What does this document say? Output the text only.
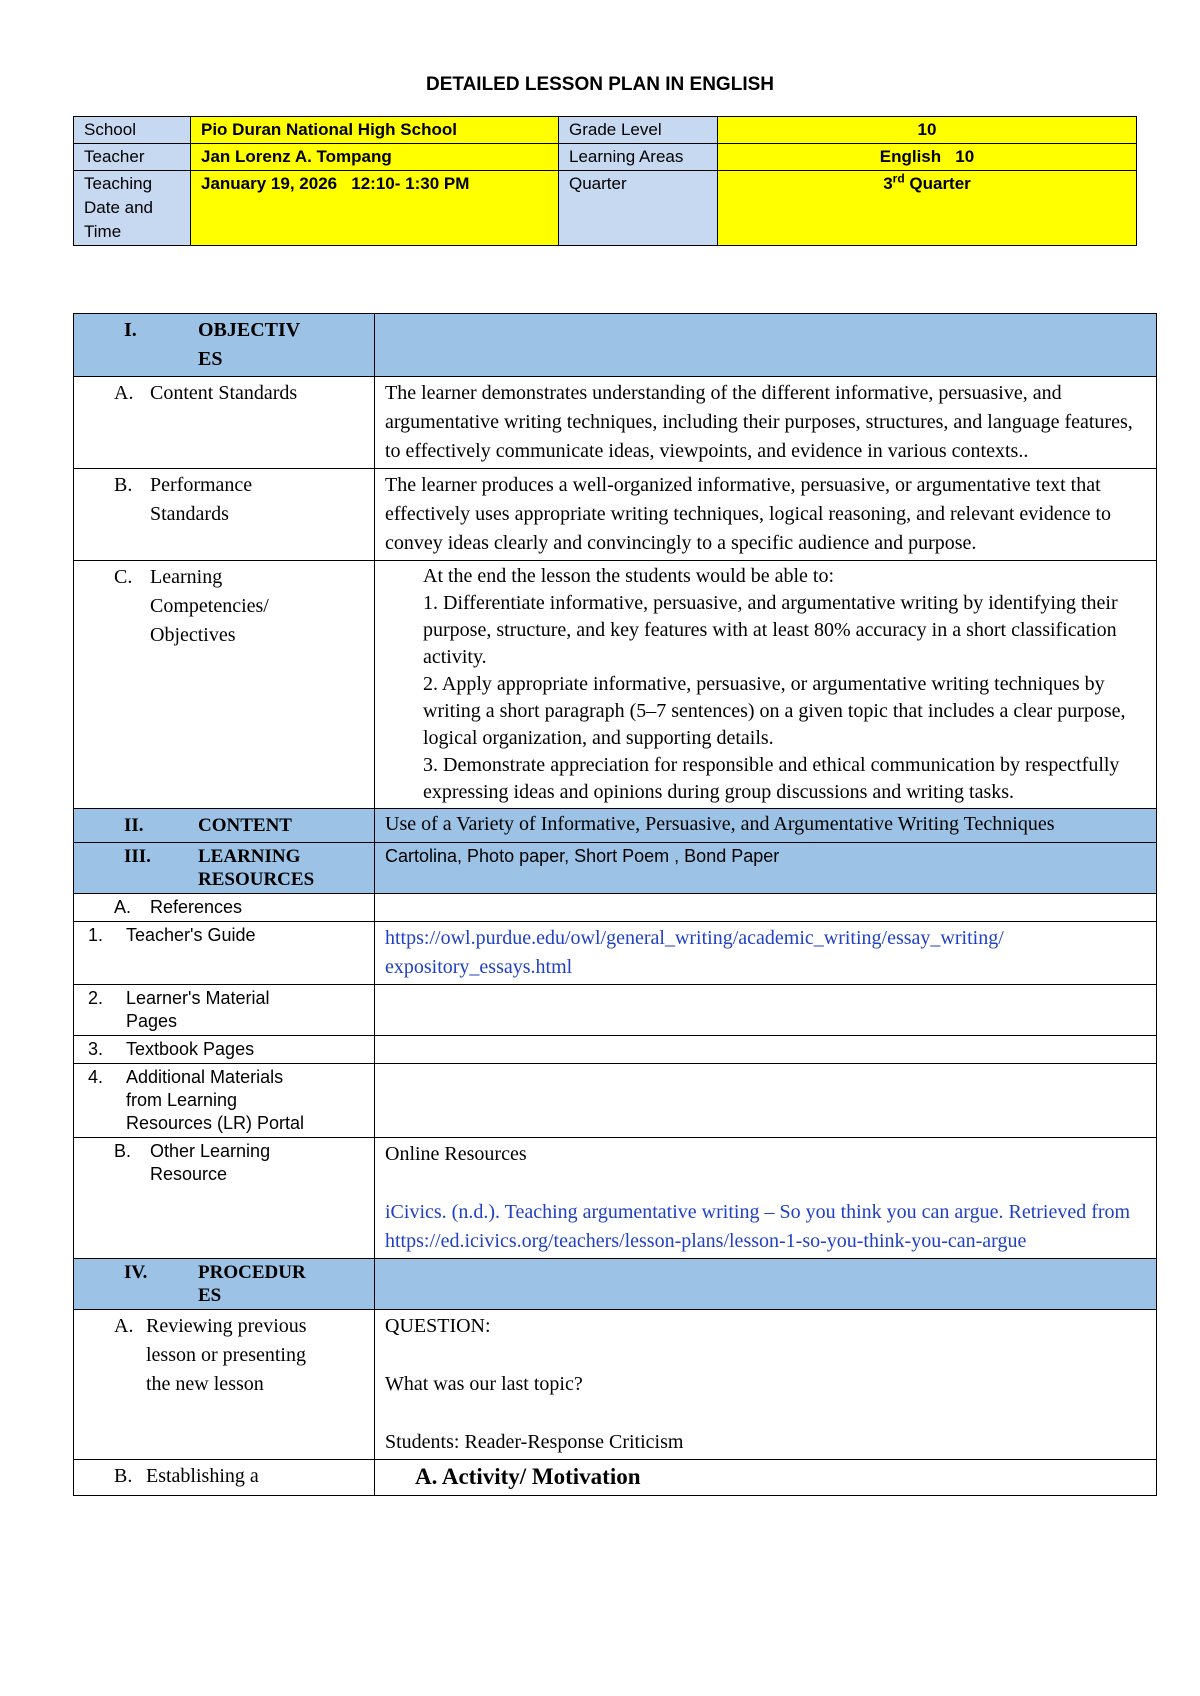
DETAILED LESSON PLAN IN ENGLISH
School	Pio Duran National High School	Grade Level	10
Teacher	Jan Lorenz A. Tompang	Learning Areas	English   10
Teaching Date and Time	January 19, 2026   12:10- 1:30 PM	Quarter	3rd Quarter
I. OBJECTIV ES	
A. Content Standards	The learner demonstrates understanding of the different informative, persuasive, and argumentative writing techniques, including their purposes, structures, and language features, to effectively communicate ideas, viewpoints, and evidence in various contexts..
B. Performance Standards	The learner produces a well-organized informative, persuasive, or argumentative text that effectively uses appropriate writing techniques, logical reasoning, and relevant evidence to convey ideas clearly and convincingly to a specific audience and purpose.
C. Learning Competencies/ Objectives	At the end the lesson the students would be able to:
1. Differentiate informative, persuasive, and argumentative writing by identifying their purpose, structure, and key features with at least 80% accuracy in a short classification activity.
2. Apply appropriate informative, persuasive, or argumentative writing techniques by writing a short paragraph (5–7 sentences) on a given topic that includes a clear purpose, logical organization, and supporting details.
3. Demonstrate appreciation for responsible and ethical communication by respectfully expressing ideas and opinions during group discussions and writing tasks.

II. CONTENT	Use of a Variety of Informative, Persuasive, and Argumentative Writing Techniques
III. LEARNING RESOURCES	Cartolina, Photo paper, Short Poem , Bond Paper
A. References	
1. Teacher's Guide	https://owl.purdue.edu/owl/general_writing/academic_writing/essay_writing/ expository_essays.html
2. Learner's Material Pages	
3. Textbook Pages	
4. Additional Materials from Learning Resources (LR) Portal	
B. Other Learning Resource	Online Resources
iCivics. (n.d.). Teaching argumentative writing – So you think you can argue. Retrieved from https://ed.icivics.org/teachers/lesson-plans/lesson-1-so-you-think-you-can-argue

IV. PROCEDUR ES	
A. Reviewing previous lesson or presenting the new lesson	QUESTION:
What was our last topic?
Students: Reader-Response Criticism

B. Establishing a	A. Activity/ Motivation
